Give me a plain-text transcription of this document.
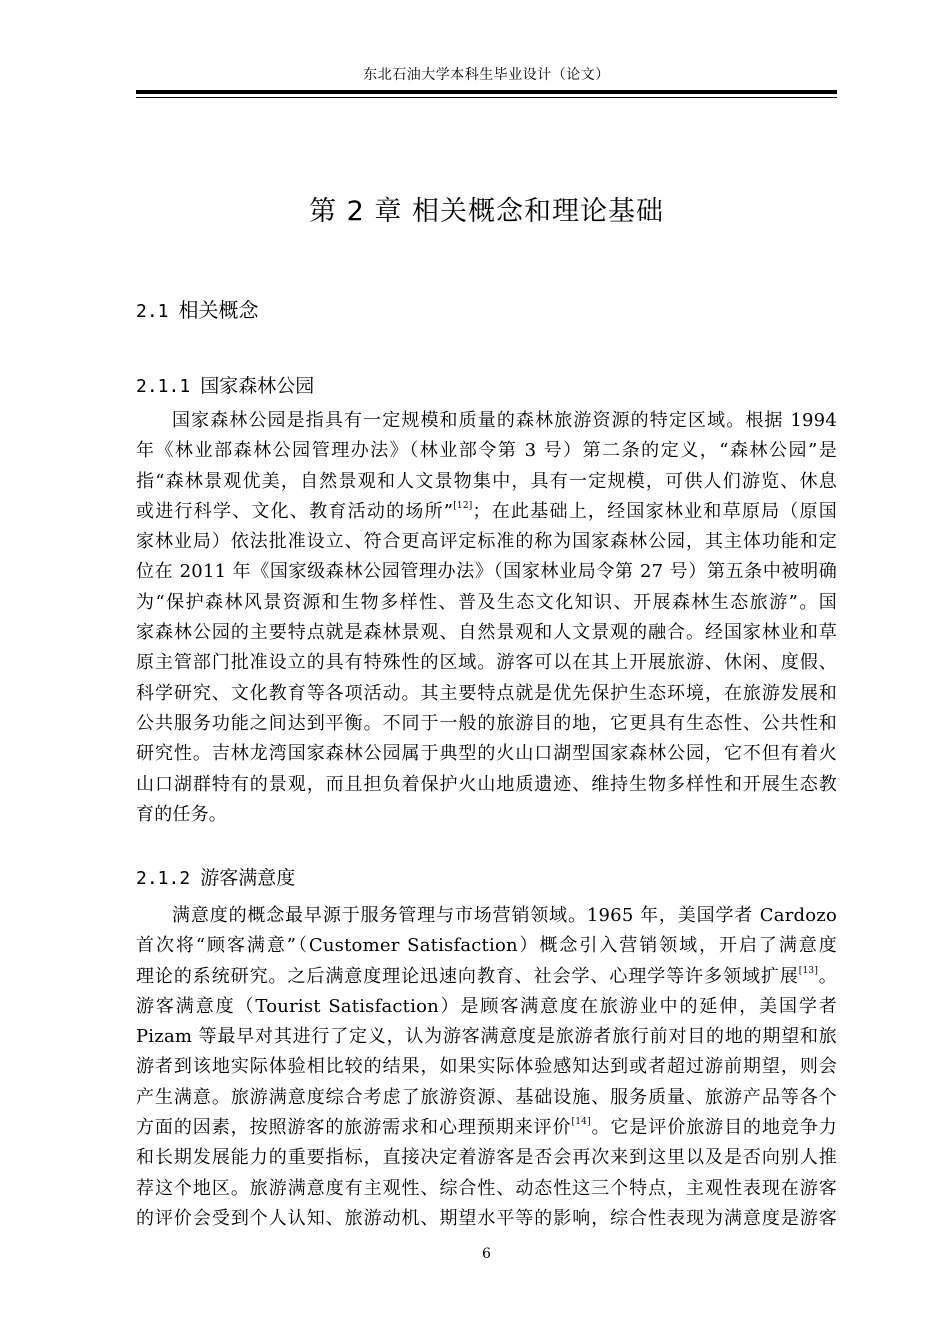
东北石油大学本科生毕业设计（论文）
第 2 章 相关概念和理论基础
2.1 相关概念
2.1.1 国家森林公园
国家森林公园是指具有一定规模和质量的森林旅游资源的特定区域。根据 1994
年《林业部森林公园管理办法》（林业部令第 3 号）第二条的定义，“森林公园”是
指“森林景观优美，自然景观和人文景物集中，具有一定规模，可供人们游览、休息
或进行科学、文化、教育活动的场所”[12]；在此基础上，经国家林业和草原局（原国
家林业局）依法批准设立、符合更高评定标准的称为国家森林公园，其主体功能和定
位在 2011 年《国家级森林公园管理办法》（国家林业局令第 27 号）第五条中被明确
为“保护森林风景资源和生物多样性、普及生态文化知识、开展森林生态旅游”。国
家森林公园的主要特点就是森林景观、自然景观和人文景观的融合。经国家林业和草
原主管部门批准设立的具有特殊性的区域。游客可以在其上开展旅游、休闲、度假、
科学研究、文化教育等各项活动。其主要特点就是优先保护生态环境，在旅游发展和
公共服务功能之间达到平衡。不同于一般的旅游目的地，它更具有生态性、公共性和
研究性。吉林龙湾国家森林公园属于典型的火山口湖型国家森林公园，它不但有着火
山口湖群特有的景观，而且担负着保护火山地质遗迹、维持生物多样性和开展生态教
育的任务。
2.1.2 游客满意度
满意度的概念最早源于服务管理与市场营销领域。1965 年，美国学者 Cardozo
首次将“顾客满意”（Customer Satisfaction）概念引入营销领域，开启了满意度
理论的系统研究。之后满意度理论迅速向教育、社会学、心理学等许多领域扩展[13]。
游客满意度（Tourist Satisfaction）是顾客满意度在旅游业中的延伸，美国学者
Pizam 等最早对其进行了定义，认为游客满意度是旅游者旅行前对目的地的期望和旅
游者到该地实际体验相比较的结果，如果实际体验感知达到或者超过游前期望，则会
产生满意。旅游满意度综合考虑了旅游资源、基础设施、服务质量、旅游产品等各个
方面的因素，按照游客的旅游需求和心理预期来评价[14]。它是评价旅游目的地竞争力
和长期发展能力的重要指标，直接决定着游客是否会再次来到这里以及是否向别人推
荐这个地区。旅游满意度有主观性、综合性、动态性这三个特点，主观性表现在游客
的评价会受到个人认知、旅游动机、期望水平等的影响，综合性表现为满意度是游客
6
